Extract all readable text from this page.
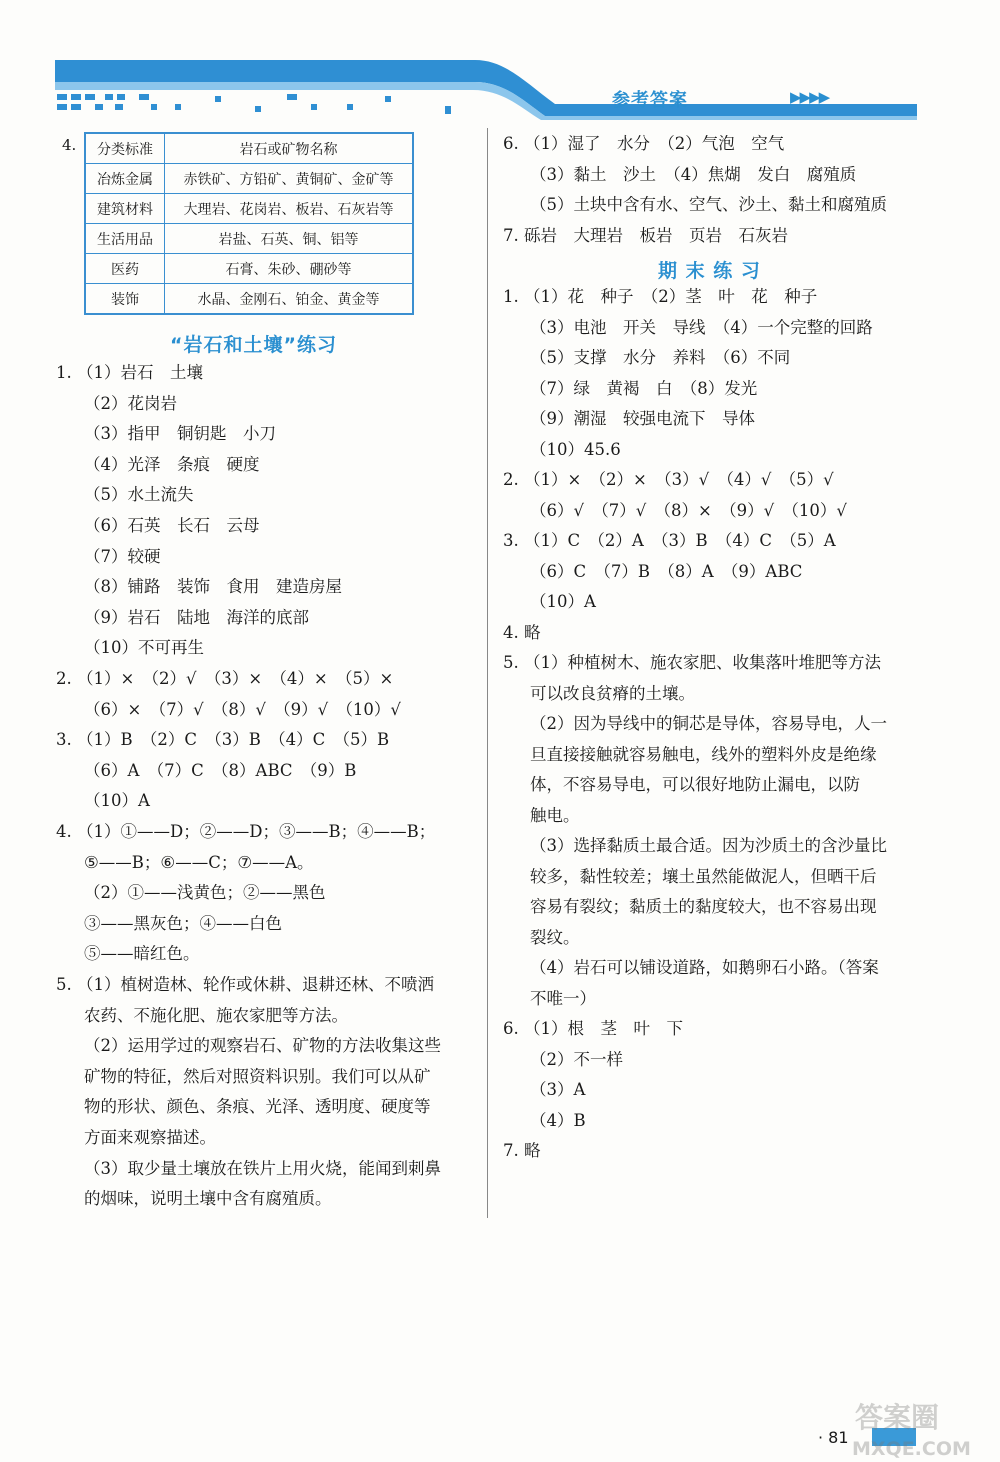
参考答案	▶▶▶▶
4. 分类标准	岩石或矿物名称
冶炼金属	赤铁矿、方铅矿、黄铜矿、金矿等
建筑材料	大理岩、花岗岩、板岩、石灰岩等
生活用品	岩盐、石英、铜、铝等
医药	石膏、朱砂、硼砂等
装饰	水晶、金刚石、铂金、黄金等
“岩石和土壤”练习
1. （1）岩石　土壤
（2）花岗岩
（3）指甲　铜钥匙　小刀
（4）光泽　条痕　硬度
（5）水土流失
（6）石英　长石　云母
（7）较硬
（8）铺路　装饰　食用　建造房屋
（9）岩石　陆地　海洋的底部
（10）不可再生
2. （1）×　（2）√　（3）×　（4）×　（5）×
（6）×　（7）√　（8）√　（9）√　（10）√
3. （1）B　（2）C　（3）B　（4）C　（5）B
（6）A　（7）C　（8）ABC　（9）B
（10）A
4. （1）①——D；②——D；③——B；④——B；
⑤——B；⑥——C；⑦——A。
（2）①——浅黄色；②——黑色
③——黑灰色；④——白色
⑤——暗红色。
5. （1）植树造林、轮作或休耕、退耕还林、不喷洒
农药、不施化肥、施农家肥等方法。
（2）运用学过的观察岩石、矿物的方法收集这些
矿物的特征，然后对照资料识别。我们可以从矿
物的形状、颜色、条痕、光泽、透明度、硬度等
方面来观察描述。
（3）取少量土壤放在铁片上用火烧，能闻到刺鼻
的烟味，说明土壤中含有腐殖质。
6. （1）湿了　水分　（2）气泡　空气
（3）黏土　沙土　（4）焦煳　发白　腐殖质
（5）土块中含有水、空气、沙土、黏土和腐殖质
7. 砾岩　大理岩　板岩　页岩　石灰岩
期 末 练 习
1. （1）花　种子　（2）茎　叶　花　种子
（3）电池　开关　导线　（4）一个完整的回路
（5）支撑　水分　养料　（6）不同
（7）绿　黄褐　白　（8）发光
（9）潮湿　较强电流下　导体
（10）45.6
2. （1）×　（2）×　（3）√　（4）√　（5）√
（6）√　（7）√　（8）×　（9）√　（10）√
3. （1）C　（2）A　（3）B　（4）C　（5）A
（6）C　（7）B　（8）A　（9）ABC
（10）A
4. 略
5. （1）种植树木、施农家肥、收集落叶堆肥等方法
可以改良贫瘠的土壤。
（2）因为导线中的铜芯是导体，容易导电，人一
旦直接接触就容易触电，线外的塑料外皮是绝缘
体，不容易导电，可以很好地防止漏电，以防
触电。
（3）选择黏质土最合适。因为沙质土的含沙量比
较多，黏性较差；壤土虽然能做泥人，但晒干后
容易有裂纹；黏质土的黏度较大，也不容易出现
裂纹。
（4）岩石可以铺设道路，如鹅卵石小路。（答案
不唯一）
6. （1）根　茎　叶　下
（2）不一样
（3）A
（4）B
7. 略
· 81
答案圈
MXQE.COM
